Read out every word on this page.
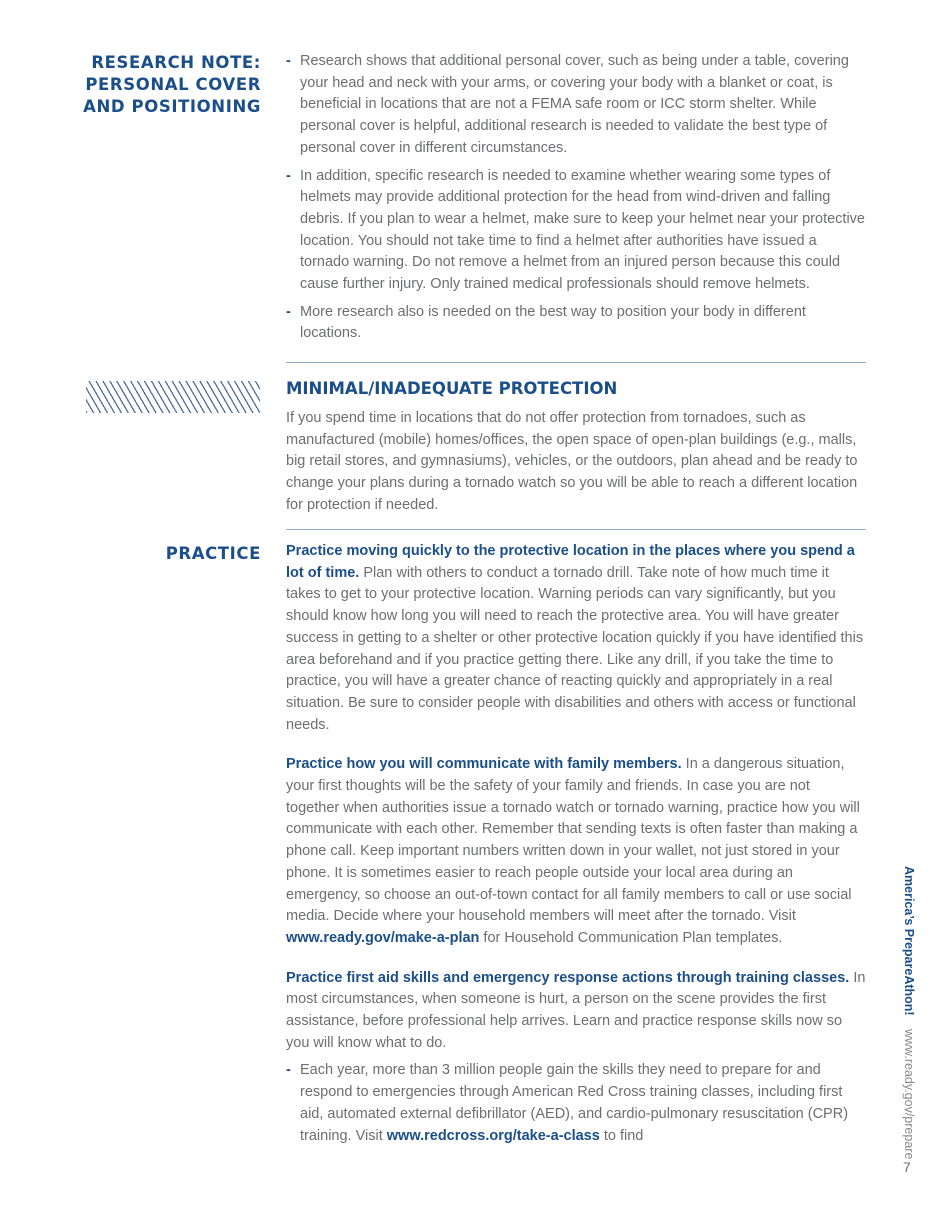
RESEARCH NOTE:
PERSONAL COVER
AND POSITIONING
- Research shows that additional personal cover, such as being under a table, covering your head and neck with your arms, or covering your body with a blanket or coat, is beneficial in locations that are not a FEMA safe room or ICC storm shelter. While personal cover is helpful, additional research is needed to validate the best type of personal cover in different circumstances.
- In addition, specific research is needed to examine whether wearing some types of helmets may provide additional protection for the head from wind-driven and falling debris. If you plan to wear a helmet, make sure to keep your helmet near your protective location. You should not take time to find a helmet after authorities have issued a tornado warning. Do not remove a helmet from an injured person because this could cause further injury. Only trained medical professionals should remove helmets.
- More research also is needed on the best way to position your body in different locations.
MINIMAL/INADEQUATE PROTECTION

If you spend time in locations that do not offer protection from tornadoes, such as manufactured (mobile) homes/offices, the open space of open-plan buildings (e.g., malls, big retail stores, and gymnasiums), vehicles, or the outdoors, plan ahead and be ready to change your plans during a tornado watch so you will be able to reach a different location for protection if needed.

PRACTICE Practice moving quickly to the protective location in the places where you spend a lot of time. Plan with others to conduct a tornado drill. Take note of how much time it takes to get to your protective location. Warning periods can vary significantly, but you should know how long you will need to reach the protective area. You will have greater success in getting to a shelter or other protective location quickly if you have identified this area beforehand and if you practice getting there. Like any drill, if you take the time to practice, you will have a greater chance of reacting quickly and appropriately in a real situation. Be sure to consider people with disabilities and others with access or functional needs.

Practice how you will communicate with family members. In a dangerous situation, your first thoughts will be the safety of your family and friends. In case you are not together when authorities issue a tornado watch or tornado warning, practice how you will communicate with each other. Remember that sending texts is often faster than making a phone call. Keep important numbers written down in your wallet, not just stored in your phone. It is sometimes easier to reach people outside your local area during an emergency, so choose an out-of-town contact for all family members to call or use social media. Decide where your household members will meet after the tornado. Visit www.ready.gov/make-a-plan for Household Communication Plan templates.

Practice first aid skills and emergency response actions through training classes. In most circumstances, when someone is hurt, a person on the scene provides the first assistance, before professional help arrives. Learn and practice response skills now so you will know what to do.

- Each year, more than 3 million people gain the skills they need to prepare for and respond to emergencies through American Red Cross training classes, including first aid, automated external defibrillator (AED), and cardio-pulmonary resuscitation (CPR) training. Visit www.redcross.org/take-a-class to find
America’s PrepareAthon! www.ready.gov/prepare
7
